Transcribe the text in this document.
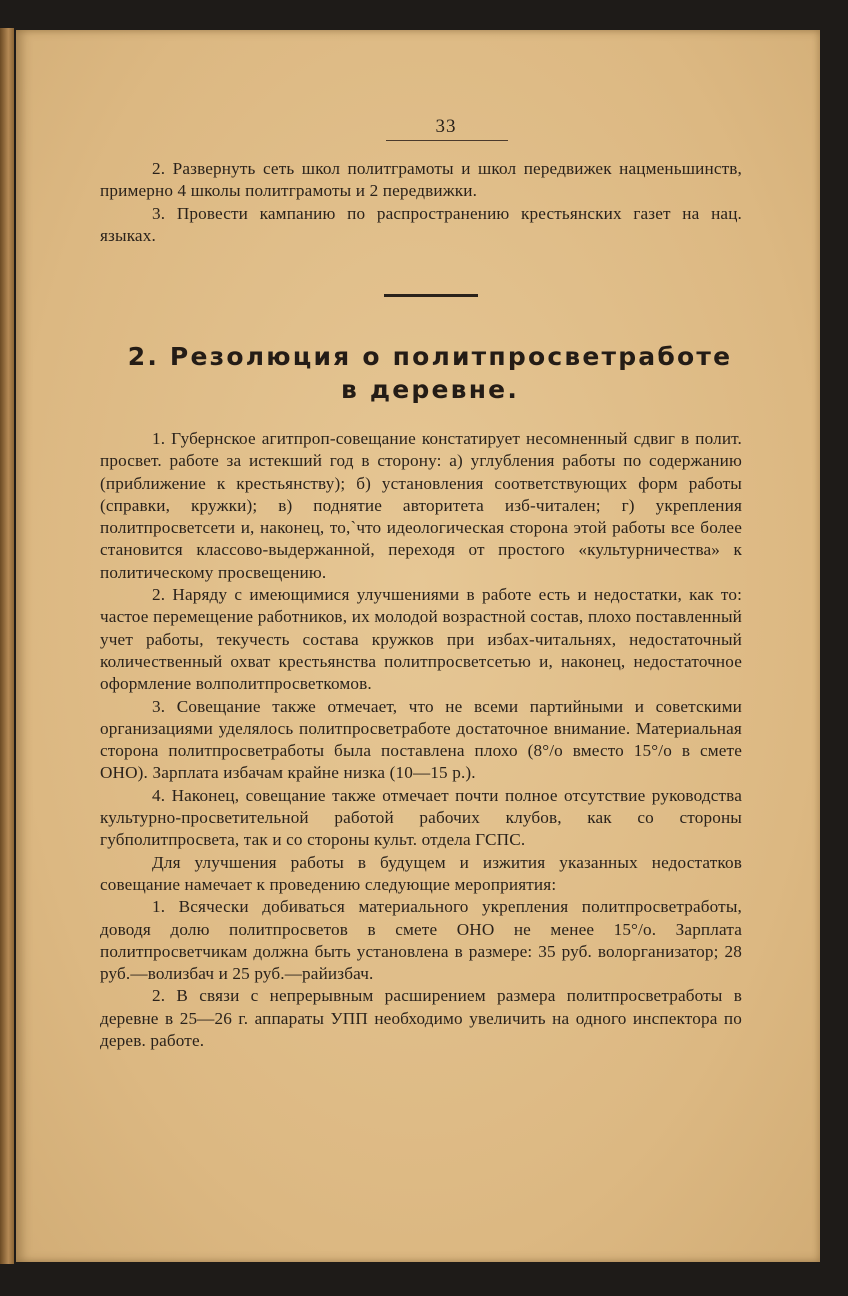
33

2. Развернуть сеть школ политграмоты и школ передвижек нацменьшинств, примерно 4 школы политграмоты и 2 передвижки.

3. Провести кампанию по распространению крестьянских газет на нац. языках.

2. Резолюция о политпросветработе
в деревне.

1. Губернское агитпроп-совещание констатирует несомненный сдвиг в полит. просвет. работе за истекший год в сторону: а) углубления работы по содержанию (приближение к крестьянству); б) установления соответствующих форм работы (справки, кружки); в) поднятие авторитета изб-читален; г) укрепления политпросветсети и, наконец, то,`что идеологическая сторона этой работы все более становится классово-выдержанной, переходя от простого «культурничества» к политическому просвещению.

2. Наряду с имеющимися улучшениями в работе есть и недостатки, как то: частое перемещение работников, их молодой возрастной состав, плохо поставленный учет работы, текучесть состава кружков при избах-читальнях, недостаточный количественный охват крестьянства политпросветсетью и, наконец, недостаточное оформление волполитпросветкомов.

3. Совещание также отмечает, что не всеми партийными и советскими организациями уделялось политпросветработе достаточное внимание. Материальная сторона политпросветработы была поставлена плохо (8°/o вместо 15°/o в смете ОНО). Зарплата избачам крайне низка (10—15 р.).

4. Наконец, совещание также отмечает почти полное отсутствие руководства культурно-просветительной работой рабочих клубов, как со стороны губполитпросвета, так и со стороны культ. отдела ГСПС.

Для улучшения работы в будущем и изжития указанных недостатков совещание намечает к проведению следующие мероприятия:

1. Всячески добиваться материального укрепления политпросветработы, доводя долю политпросветов в смете ОНО не менее 15°/o. Зарплата политпросветчикам должна быть установлена в размере: 35 руб. волорганизатор; 28 руб.—волизбач и 25 руб.—райизбач.

2. В связи с непрерывным расширением размера политпросветработы в деревне в 25—26 г. аппараты УПП необходимо увеличить на одного инспектора по дерев. работе.
